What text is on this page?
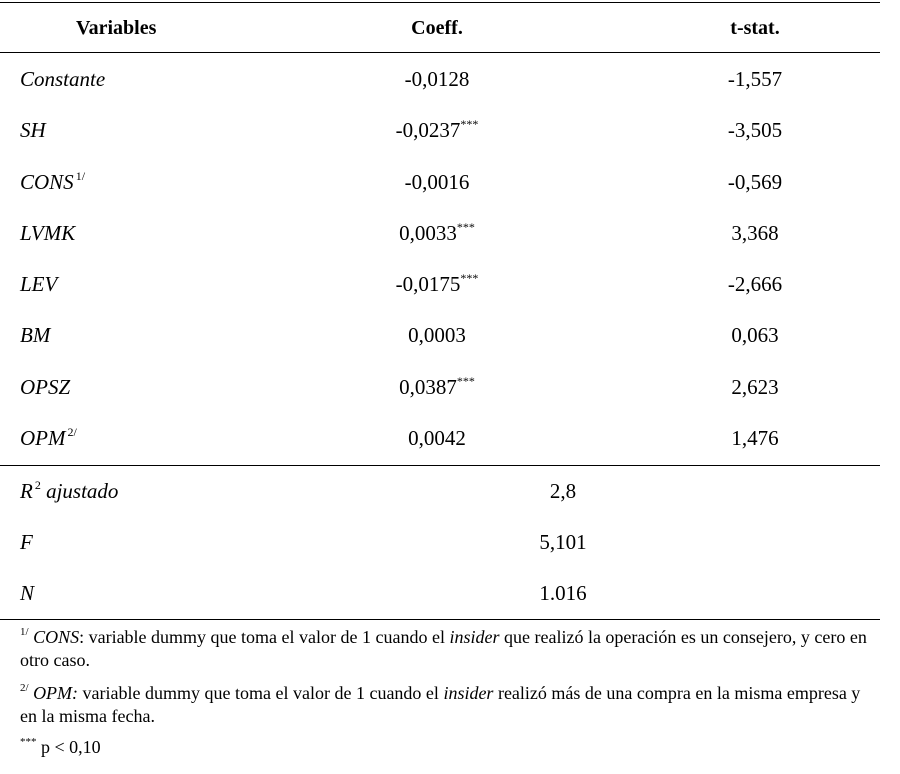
Variables	Coeff.	t-stat.
Constante	-0,0128	-1,557
SH	-0,0237***	-3,505
CONS $^{1/}$	-0,0016	-0,569
LVMK	0,0033***	3,368
LEV	-0,0175***	-2,666
BM	0,0003	0,063
OPSZ	0,0387***	2,623
OPM $^{2/}$	0,0042	1,476
R $^2$ ajustado	2,8
F	5,101
N	1.016
$^{1/}$ CONS: variable dummy que toma el valor de 1 cuando el insider que realizó la operación es un consejero, y cero en otro caso.
$^{2/}$ OPM: variable dummy que toma el valor de 1 cuando el insider realizó más de una compra en la misma empresa y en la misma fecha.
*** p < 0,10
